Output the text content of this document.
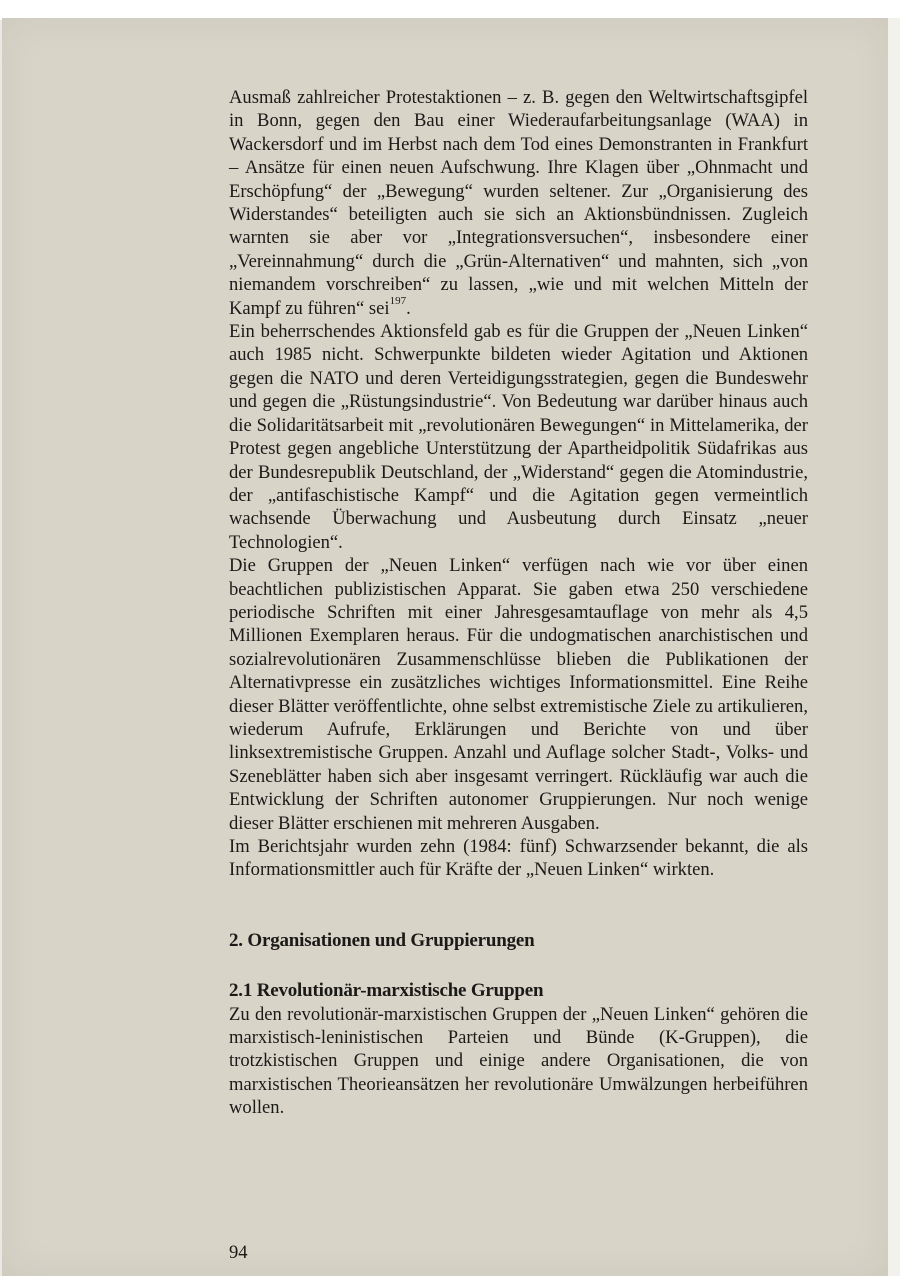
Ausmaß zahlreicher Protestaktionen – z. B. gegen den Weltwirtschaftsgipfel in Bonn, gegen den Bau einer Wiederaufarbeitungsanlage (WAA) in Wackersdorf und im Herbst nach dem Tod eines Demonstranten in Frankfurt – Ansätze für einen neuen Aufschwung. Ihre Klagen über „Ohnmacht und Erschöpfung“ der „Bewegung“ wurden seltener. Zur „Organisierung des Widerstandes“ beteiligten auch sie sich an Aktionsbündnissen. Zugleich warnten sie aber vor „Integrationsversuchen“, insbesondere einer „Vereinnahmung“ durch die „Grün-Alternativen“ und mahnten, sich „von niemandem vorschreiben“ zu lassen, „wie und mit welchen Mitteln der Kampf zu führen“ sei$^{197}$.

Ein beherrschendes Aktionsfeld gab es für die Gruppen der „Neuen Linken“ auch 1985 nicht. Schwerpunkte bildeten wieder Agitation und Aktionen gegen die NATO und deren Verteidigungsstrategien, gegen die Bundeswehr und gegen die „Rüstungsindustrie“. Von Bedeutung war darüber hinaus auch die Solidaritätsarbeit mit „revolutionären Bewegungen“ in Mittelamerika, der Protest gegen angebliche Unterstützung der Apartheidpolitik Südafrikas aus der Bundesrepublik Deutschland, der „Widerstand“ gegen die Atomindustrie, der „antifaschistische Kampf“ und die Agitation gegen vermeintlich wachsende Überwachung und Ausbeutung durch Einsatz „neuer Technologien“.

Die Gruppen der „Neuen Linken“ verfügen nach wie vor über einen beachtlichen publizistischen Apparat. Sie gaben etwa 250 verschiedene periodische Schriften mit einer Jahresgesamtauflage von mehr als 4,5 Millionen Exemplaren heraus. Für die undogmatischen anarchistischen und sozialrevolutionären Zusammenschlüsse blieben die Publikationen der Alternativpresse ein zusätzliches wichtiges Informationsmittel. Eine Reihe dieser Blätter veröffentlichte, ohne selbst extremistische Ziele zu artikulieren, wiederum Aufrufe, Erklärungen und Berichte von und über linksextremistische Gruppen. Anzahl und Auflage solcher Stadt-, Volks- und Szeneblätter haben sich aber insgesamt verringert. Rückläufig war auch die Entwicklung der Schriften autonomer Gruppierungen. Nur noch wenige dieser Blätter erschienen mit mehreren Ausgaben.

Im Berichtsjahr wurden zehn (1984: fünf) Schwarzsender bekannt, die als Informationsmittler auch für Kräfte der „Neuen Linken“ wirkten.

2. Organisationen und Gruppierungen

2.1 Revolutionär-marxistische Gruppen

Zu den revolutionär-marxistischen Gruppen der „Neuen Linken“ gehören die marxistisch-leninistischen Parteien und Bünde (K-Gruppen), die trotzkistischen Gruppen und einige andere Organisationen, die von marxistischen Theorieansätzen her revolutionäre Umwälzungen herbeiführen wollen.

94
